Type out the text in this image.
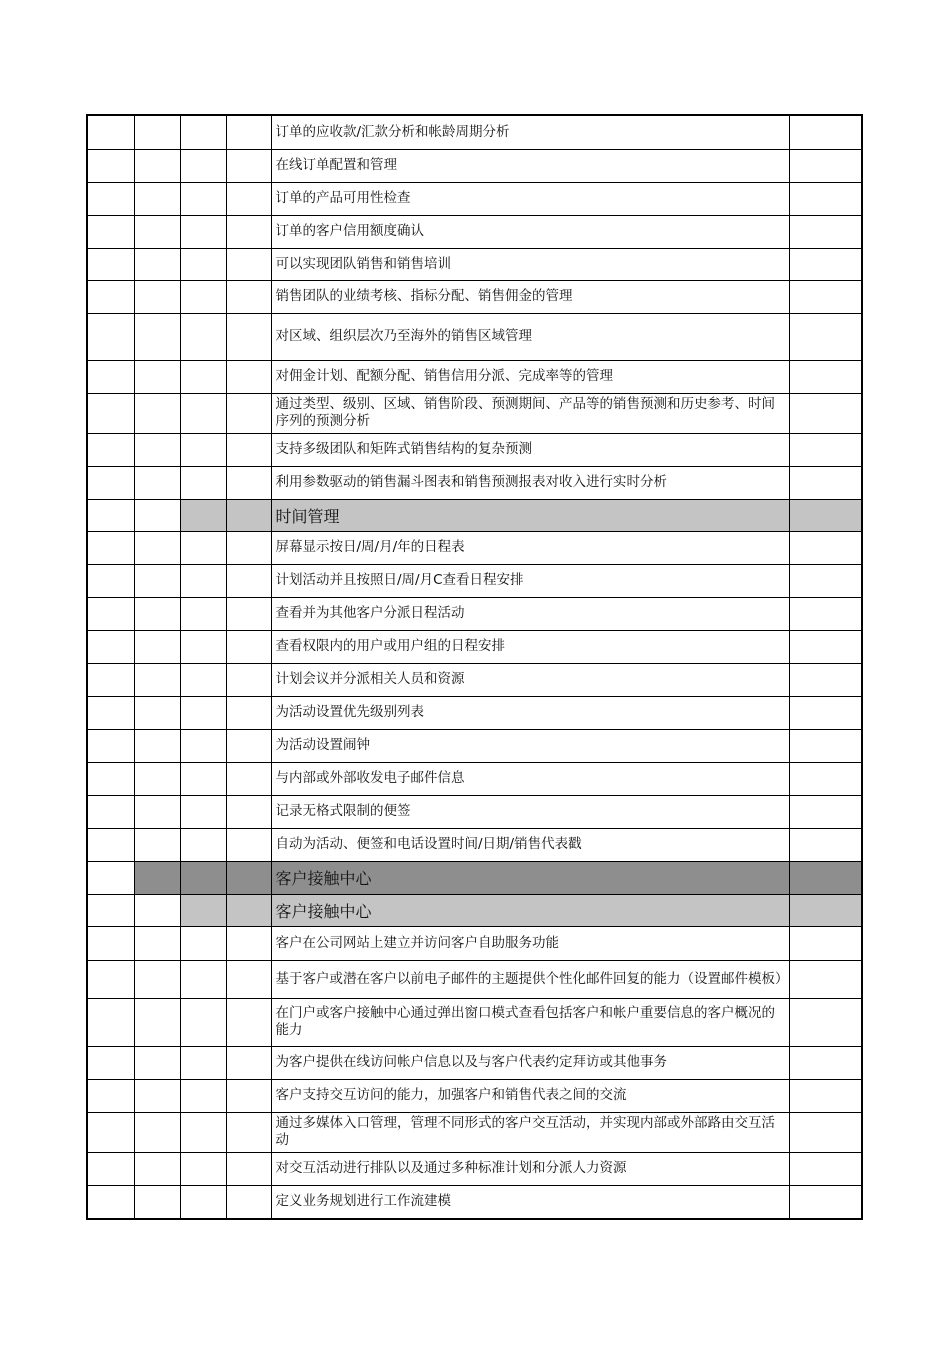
				订单的应收款/汇款分析和帐龄周期分析	
				在线订单配置和管理	
				订单的产品可用性检查	
				订单的客户信用额度确认	
				可以实现团队销售和销售培训	
				销售团队的业绩考核、指标分配、销售佣金的管理	
				对区域、组织层次乃至海外的销售区域管理	
				对佣金计划、配额分配、销售信用分派、完成率等的管理	
				通过类型、级别、区域、销售阶段、预测期间、产品等的销售预测和历史参考、时间序列的预测分析	
				支持多级团队和矩阵式销售结构的复杂预测	
				利用参数驱动的销售漏斗图表和销售预测报表对收入进行实时分析	
				时间管理	
				屏幕显示按日/周/月/年的日程表	
				计划活动并且按照日/周/月C查看日程安排	
				查看并为其他客户分派日程活动	
				查看权限内的用户或用户组的日程安排	
				计划会议并分派相关人员和资源	
				为活动设置优先级别列表	
				为活动设置闹钟	
				与内部或外部收发电子邮件信息	
				记录无格式限制的便签	
				自动为活动、便签和电话设置时间/日期/销售代表戳	
				客户接触中心	
				客户接触中心	
				客户在公司网站上建立并访问客户自助服务功能	
				基于客户或潜在客户以前电子邮件的主题提供个性化邮件回复的能力（设置邮件模板）	
				在门户或客户接触中心通过弹出窗口模式查看包括客户和帐户重要信息的客户概况的能力	
				为客户提供在线访问帐户信息以及与客户代表约定拜访或其他事务	
				客户支持交互访问的能力，加强客户和销售代表之间的交流	
				通过多媒体入口管理，管理不同形式的客户交互活动，并实现内部或外部路由交互活动	
				对交互活动进行排队以及通过多种标准计划和分派人力资源	
				定义业务规划进行工作流建模	
